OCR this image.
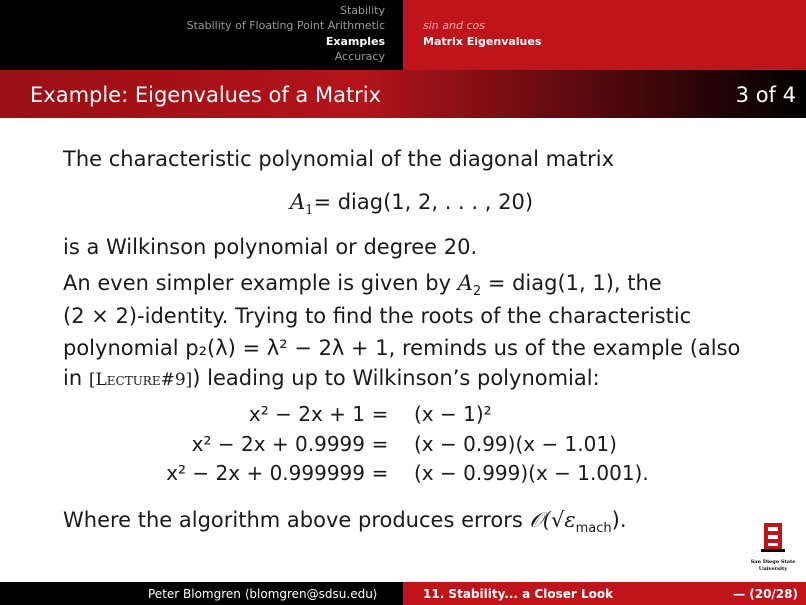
Stability
Stability of Floating Point Arithmetic
Examples
Accuracy
sin and cos
Matrix Eigenvalues
Example: Eigenvalues of a Matrix	3 of 4
The characteristic polynomial of the diagonal matrix
$A_1=$ diag(1, 2, . . . , 20)
is a Wilkinson polynomial or degree 20.
An even simpler example is given by $A_2$ = diag(1, 1), the
(2 × 2)-identity. Trying to find the roots of the characteristic
polynomial p₂(λ) = λ² − 2λ + 1, reminds us of the example (also
in [Lecture#9]) leading up to Wilkinson’s polynomial:
x² − 2x + 1 = (x − 1)²
x² − 2x + 0.9999 = (x − 0.99)(x − 1.01)
x² − 2x + 0.999999 = (x − 0.999)(x − 1.001).
Where the algorithm above produces errors $𝒪(√\varepsilon_{mach})$.
San Diego State
University
Peter Blomgren ⟨blomgren@sdsu.edu⟩	11. Stability... a Closer Look	— (20/28)
